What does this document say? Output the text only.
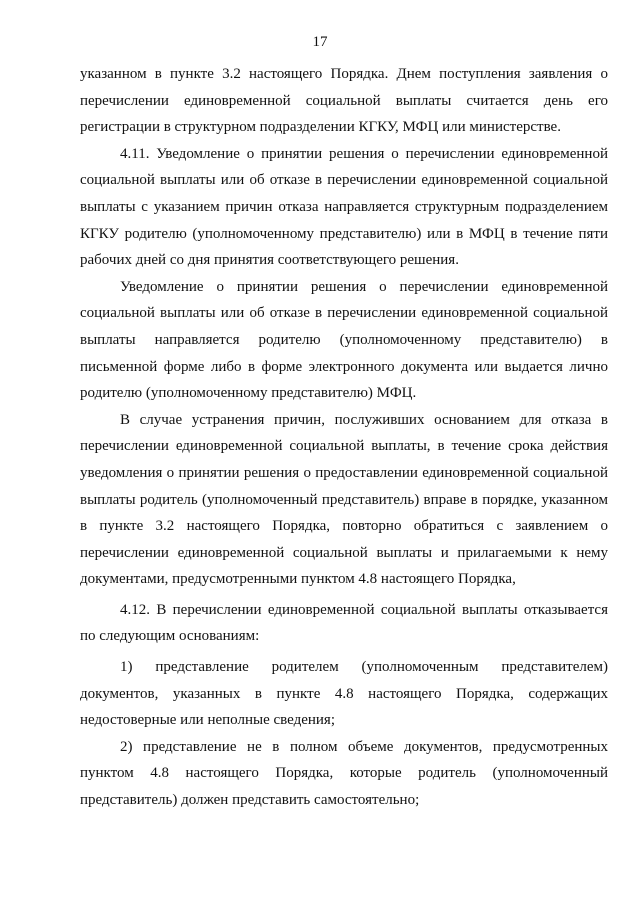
17

указанном в пункте 3.2 настоящего Порядка. Днем поступления заявления о перечислении единовременной социальной выплаты считается день его регистрации в структурном подразделении КГКУ, МФЦ или министерстве.

4.11. Уведомление о принятии решения о перечислении единовременной социальной выплаты или об отказе в перечислении единовременной социальной выплаты с указанием причин отказа направляется структурным подразделением КГКУ родителю (уполномоченному представителю) или в МФЦ в течение пяти рабочих дней со дня принятия соответствующего решения.

Уведомление о принятии решения о перечислении единовременной социальной выплаты или об отказе в перечислении единовременной социальной выплаты направляется родителю (уполномоченному представителю) в письменной форме либо в форме электронного документа или выдается лично родителю (уполномоченному представителю) МФЦ.

В случае устранения причин, послуживших основанием для отказа в перечислении единовременной социальной выплаты, в течение срока действия уведомления о принятии решения о предоставлении единовременной социальной выплаты родитель (уполномоченный представитель) вправе в порядке, указанном в пункте 3.2 настоящего Порядка, повторно обратиться с заявлением о перечислении единовременной социальной выплаты и прилагаемыми к нему документами, предусмотренными пунктом 4.8 настоящего Порядка,

4.12. В перечислении единовременной социальной выплаты отказывается по следующим основаниям:

1) представление родителем (уполномоченным представителем) документов, указанных в пункте 4.8 настоящего Порядка, содержащих недостоверные или неполные сведения;

2) представление не в полном объеме документов, предусмотренных пунктом 4.8 настоящего Порядка, которые родитель (уполномоченный представитель) должен представить самостоятельно;
